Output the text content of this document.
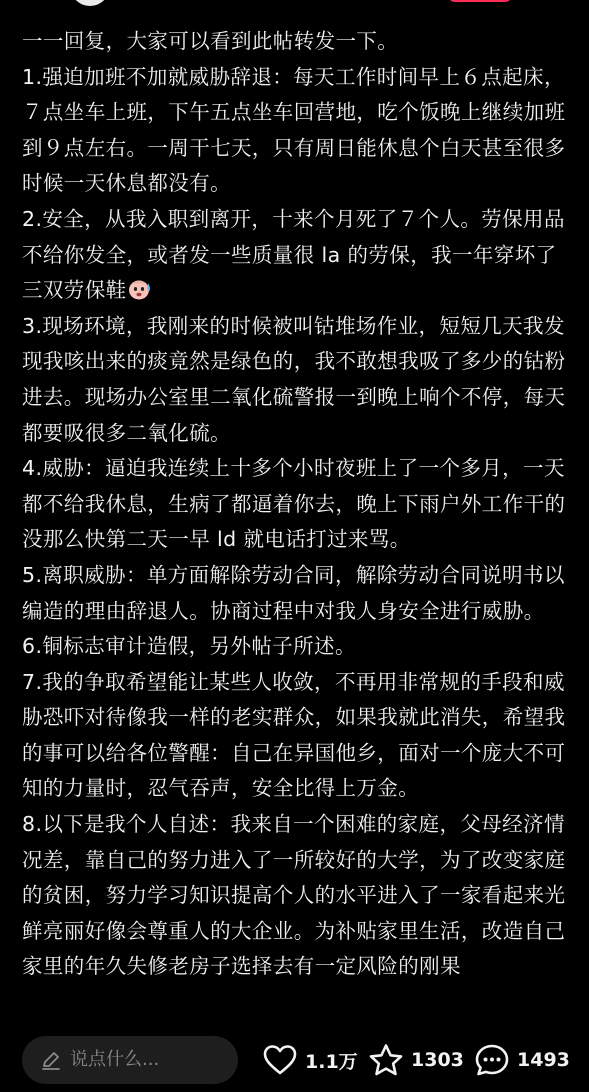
一一回复，大家可以看到此帖转发一下。

1.强迫加班不加就威胁辞退：每天工作时间早上６点起床，７点坐车上班，下午五点坐车回营地，吃个饭晚上继续加班到９点左右。一周干七天，只有周日能休息个白天甚至很多时候一天休息都没有。

2.安全，从我入职到离开，十来个月死了７个人。劳保用品不给你发全，或者发一些质量很 la 的劳保，我一年穿坏了三双劳保鞋

3.现场环境，我刚来的时候被叫钴堆场作业，短短几天我发现我咳出来的痰竟然是绿色的，我不敢想我吸了多少的钴粉进去。现场办公室里二氧化硫警报一到晚上响个不停，每天都要吸很多二氧化硫。

4.威胁：逼迫我连续上十多个小时夜班上了一个多月，一天都不给我休息，生病了都逼着你去，晚上下雨户外工作干的没那么快第二天一早 ld 就电话打过来骂。

5.离职威胁：单方面解除劳动合同，解除劳动合同说明书以编造的理由辞退人。协商过程中对我人身安全进行威胁。

6.铜标志审计造假，另外帖子所述。

7.我的争取希望能让某些人收敛，不再用非常规的手段和威胁恐吓对待像我一样的老实群众，如果我就此消失，希望我的事可以给各位警醒：自己在异国他乡，面对一个庞大不可知的力量时，忍气吞声，安全比得上万金。

8.以下是我个人自述：我来自一个困难的家庭，父母经济情况差，靠自己的努力进入了一所较好的大学，为了改变家庭的贫困，努力学习知识提高个人的水平进入了一家看起来光鲜亮丽好像会尊重人的大企业。为补贴家里生活，改造自己家里的年久失修老房子选择去有一定风险的刚果

说点什么...	1.1万	1303	1493
